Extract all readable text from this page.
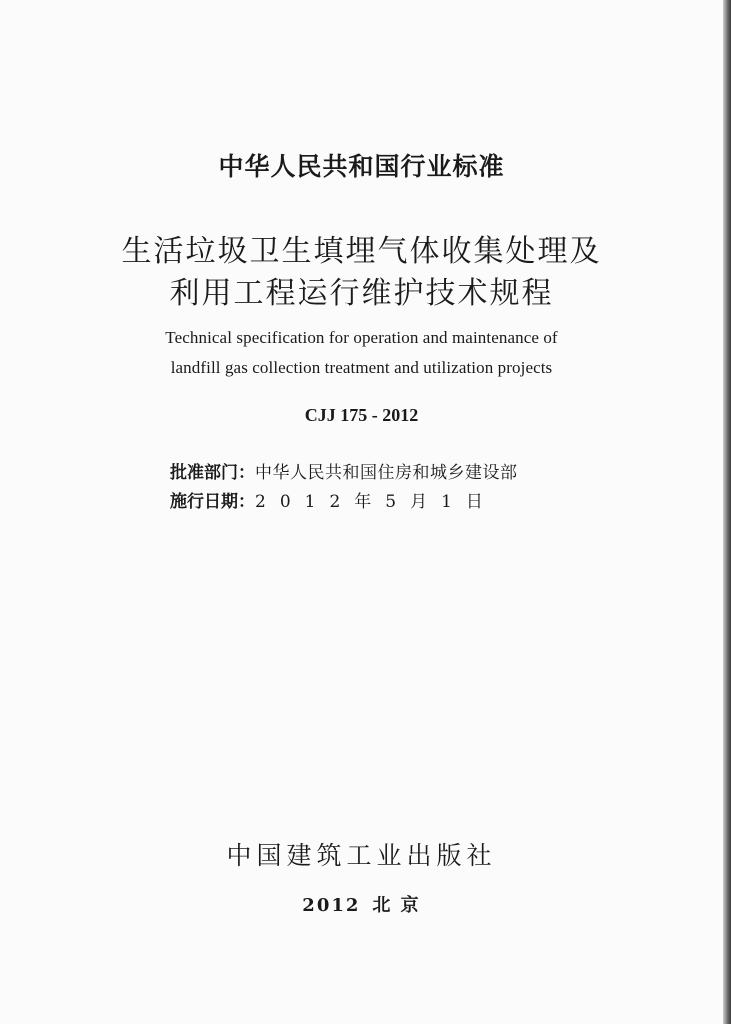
中华人民共和国行业标准
生活垃圾卫生填埋气体收集处理及
利用工程运行维护技术规程
Technical specification for operation and maintenance of
landfill gas collection treatment and utilization projects
CJJ 175 - 2012
批准部门：中华人民共和国住房和城乡建设部
施行日期：2012年5月1日
中国建筑工业出版社
2012 北 京
